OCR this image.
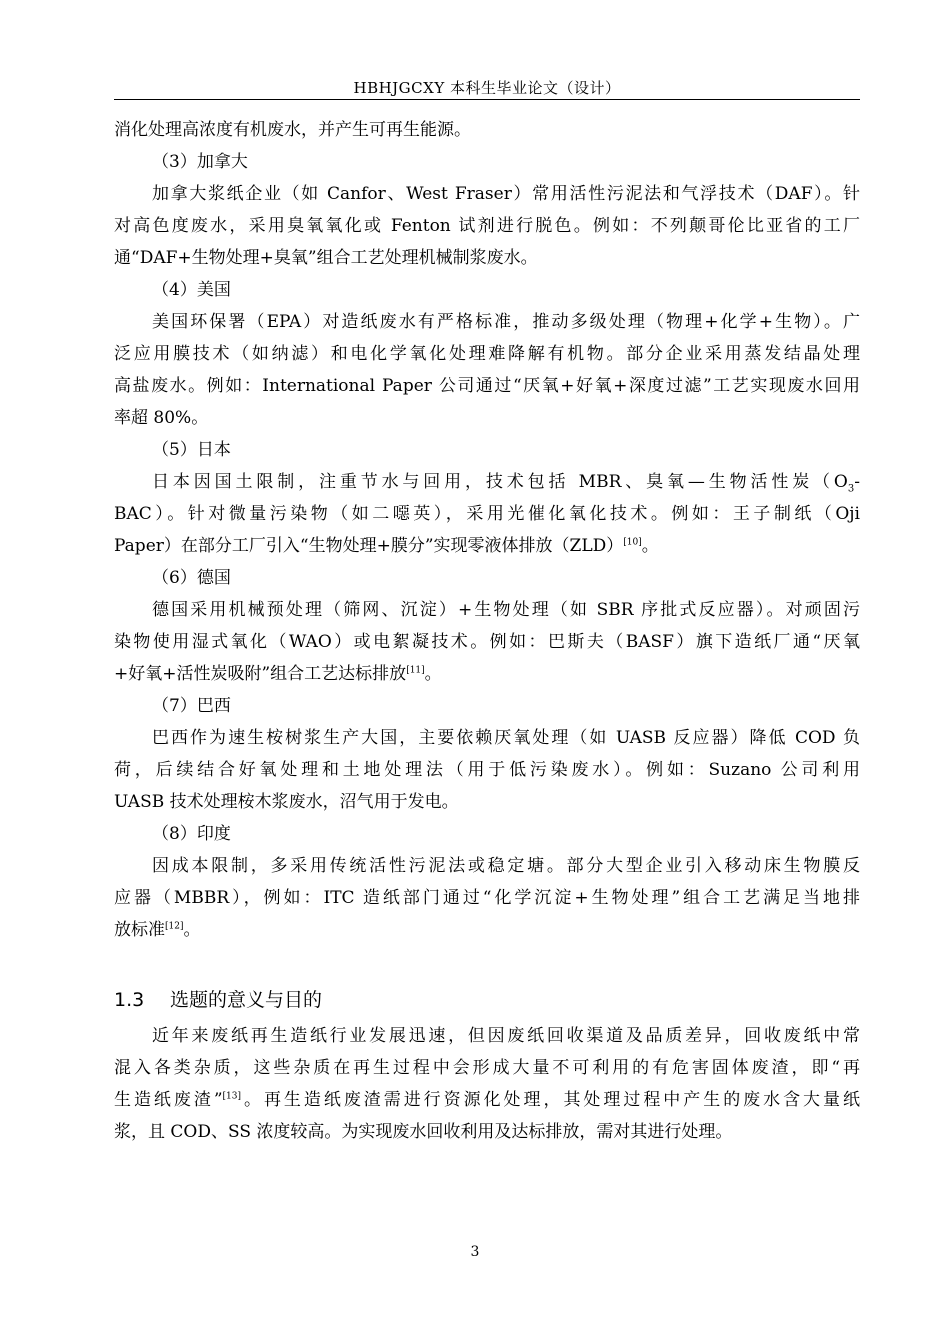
HBHJGCXY 本科生毕业论文（设计）
消化处理高浓度有机废水，并产生可再生能源。
（3）加拿大
加拿大浆纸企业（如 Canfor、West Fraser）常用活性污泥法和气浮技术（DAF）。针
对高色度废水，采用臭氧氧化或 Fenton 试剂进行脱色。例如：不列颠哥伦比亚省的工厂
通“DAF+生物处理+臭氧”组合工艺处理机械制浆废水。
（4）美国
美国环保署（EPA）对造纸废水有严格标准，推动多级处理（物理+化学+生物）。广
泛应用膜技术（如纳滤）和电化学氧化处理难降解有机物。部分企业采用蒸发结晶处理
高盐废水。例如：International Paper 公司通过“厌氧+好氧+深度过滤”工艺实现废水回用
率超 80%。
（5）日本
日本因国土限制，注重节水与回用，技术包括 MBR、臭氧—生物活性炭（$O_3-$
BAC）。针对微量污染物（如二噁英），采用光催化氧化技术。例如：王子制纸（Oji
Paper）在部分工厂引入“生物处理+膜分”实现零液体排放（ZLD）[10]。
（6）德国
德国采用机械预处理（筛网、沉淀）+生物处理（如 SBR 序批式反应器）。对顽固污
染物使用湿式氧化（WAO）或电絮凝技术。例如：巴斯夫（BASF）旗下造纸厂通“厌氧
+好氧+活性炭吸附”组合工艺达标排放[11]。
（7）巴西
巴西作为速生桉树浆生产大国，主要依赖厌氧处理（如 UASB 反应器）降低 COD 负
荷，后续结合好氧处理和土地处理法（用于低污染废水）。例如：Suzano 公司利用
UASB 技术处理桉木浆废水，沼气用于发电。
（8）印度
因成本限制，多采用传统活性污泥法或稳定塘。部分大型企业引入移动床生物膜反
应器（MBBR），例如：ITC 造纸部门通过“化学沉淀+生物处理”组合工艺满足当地排
放标准[12]。
1.3 选题的意义与目的
近年来废纸再生造纸行业发展迅速，但因废纸回收渠道及品质差异，回收废纸中常
混入各类杂质，这些杂质在再生过程中会形成大量不可利用的有危害固体废渣，即“再
生造纸废渣”[13]。再生造纸废渣需进行资源化处理，其处理过程中产生的废水含大量纸
浆，且 COD、SS 浓度较高。为实现废水回收利用及达标排放，需对其进行处理。
3
